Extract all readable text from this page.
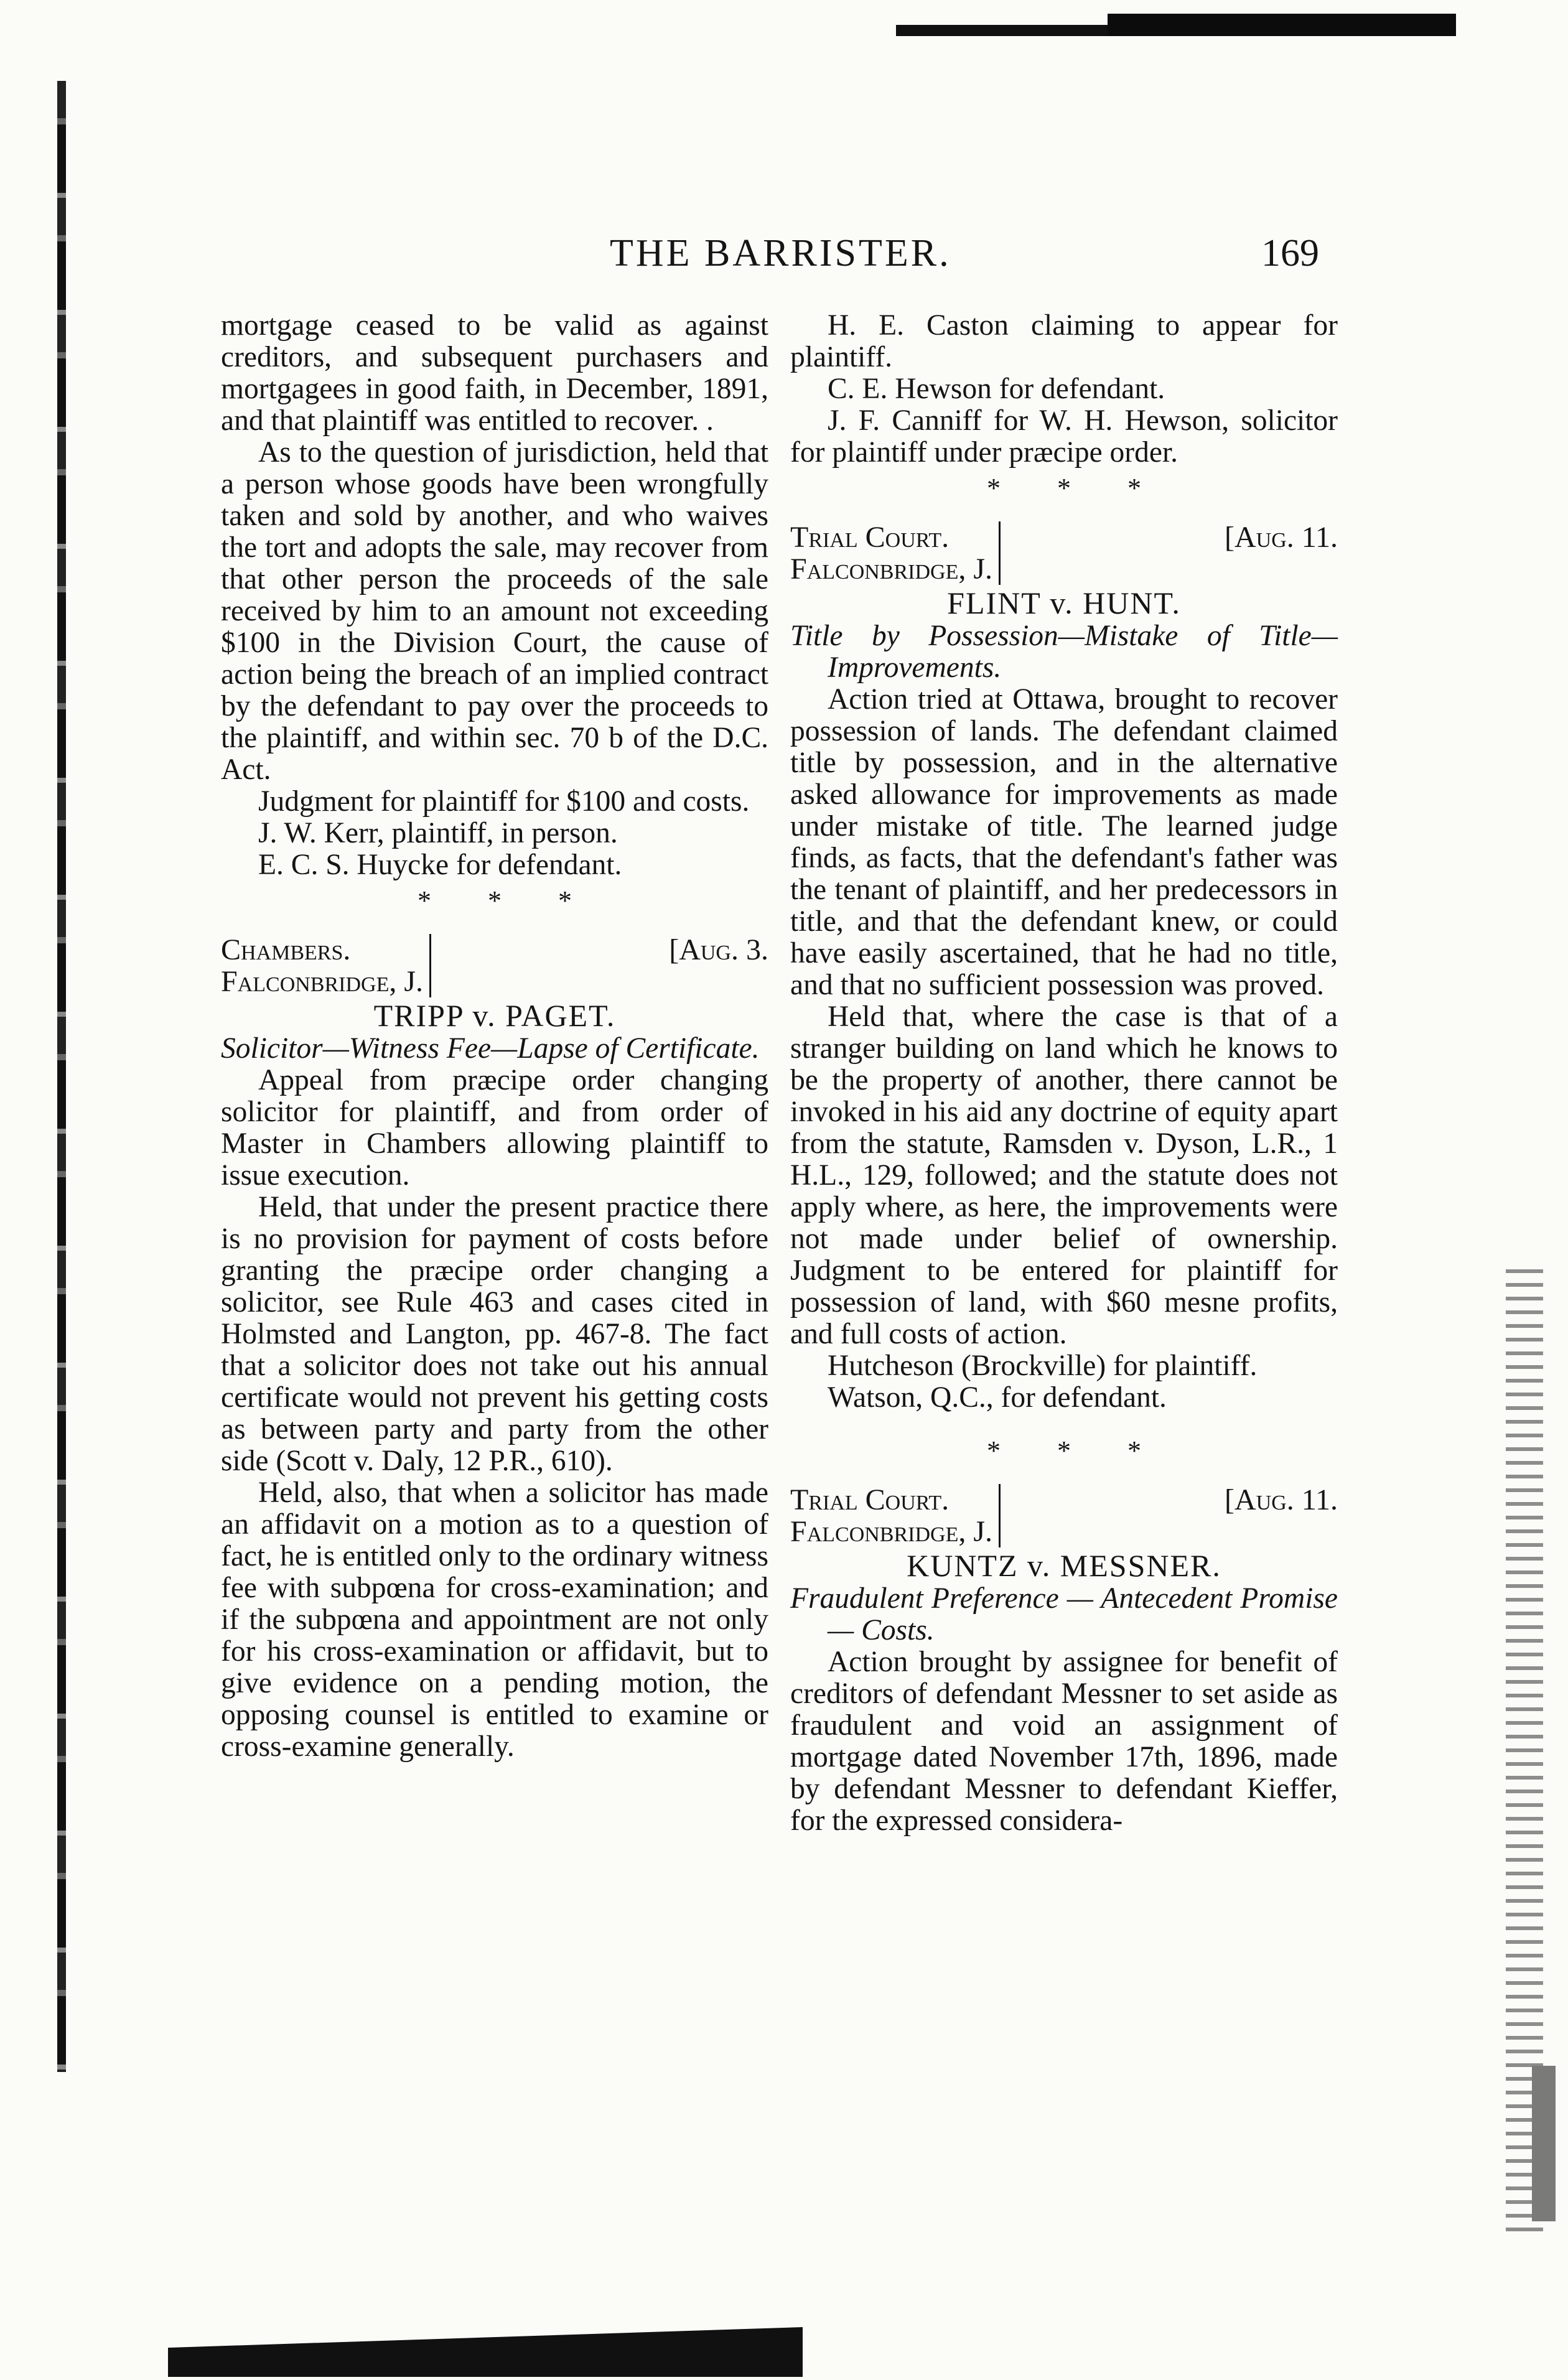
THE BARRISTER.	169

mortgage ceased to be valid as against creditors, and subsequent purchasers and mortgagees in good faith, in December, 1891, and that plaintiff was entitled to recover. .

As to the question of jurisdiction, held that a person whose goods have been wrongfully taken and sold by another, and who waives the tort and adopts the sale, may recover from that other person the proceeds of the sale received by him to an amount not exceeding $100 in the Division Court, the cause of action being the breach of an implied contract by the defendant to pay over the proceeds to the plaintiff, and within sec. 70 b of the D.C. Act.

Judgment for plaintiff for $100 and costs.

J. W. Kerr, plaintiff, in person.

E. C. S. Huycke for defendant.

* * *

Chambers.
Falconbridge, J.
[Aug. 3.

TRIPP v. PAGET.

Solicitor—Witness Fee—Lapse of Certificate.

Appeal from præcipe order changing solicitor for plaintiff, and from order of Master in Chambers allowing plaintiff to issue execution.

Held, that under the present practice there is no provision for payment of costs before granting the præcipe order changing a solicitor, see Rule 463 and cases cited in Holmsted and Langton, pp. 467-8. The fact that a solicitor does not take out his annual certificate would not prevent his getting costs as between party and party from the other side (Scott v. Daly, 12 P.R., 610).

Held, also, that when a solicitor has made an affidavit on a motion as to a question of fact, he is entitled only to the ordinary witness fee with subpœna for cross-examination; and if the subpœna and appointment are not only for his cross-examination or affidavit, but to give evidence on a pending motion, the opposing counsel is entitled to examine or cross-examine generally.

H. E. Caston claiming to appear for plaintiff.

C. E. Hewson for defendant.

J. F. Canniff for W. H. Hewson, solicitor for plaintiff under præcipe order.

* * *

Trial Court.
Falconbridge, J.
[Aug. 11.

FLINT v. HUNT.

Title by Possession—Mistake of Title—Improvements.

Action tried at Ottawa, brought to recover possession of lands. The defendant claimed title by possession, and in the alternative asked allowance for improvements as made under mistake of title. The learned judge finds, as facts, that the defendant's father was the tenant of plaintiff, and her predecessors in title, and that the defendant knew, or could have easily ascertained, that he had no title, and that no sufficient possession was proved.

Held that, where the case is that of a stranger building on land which he knows to be the property of another, there cannot be invoked in his aid any doctrine of equity apart from the statute, Ramsden v. Dyson, L.R., 1 H.L., 129, followed; and the statute does not apply where, as here, the improvements were not made under belief of ownership. Judgment to be entered for plaintiff for possession of land, with $60 mesne profits, and full costs of action.

Hutcheson (Brockville) for plaintiff.

Watson, Q.C., for defendant.

* * *

Trial Court.
Falconbridge, J.
[Aug. 11.

KUNTZ v. MESSNER.

Fraudulent Preference — Antecedent Promise— Costs.

Action brought by assignee for benefit of creditors of defendant Messner to set aside as fraudulent and void an assignment of mortgage dated November 17th, 1896, made by defendant Messner to defendant Kieffer, for the expressed considera-
